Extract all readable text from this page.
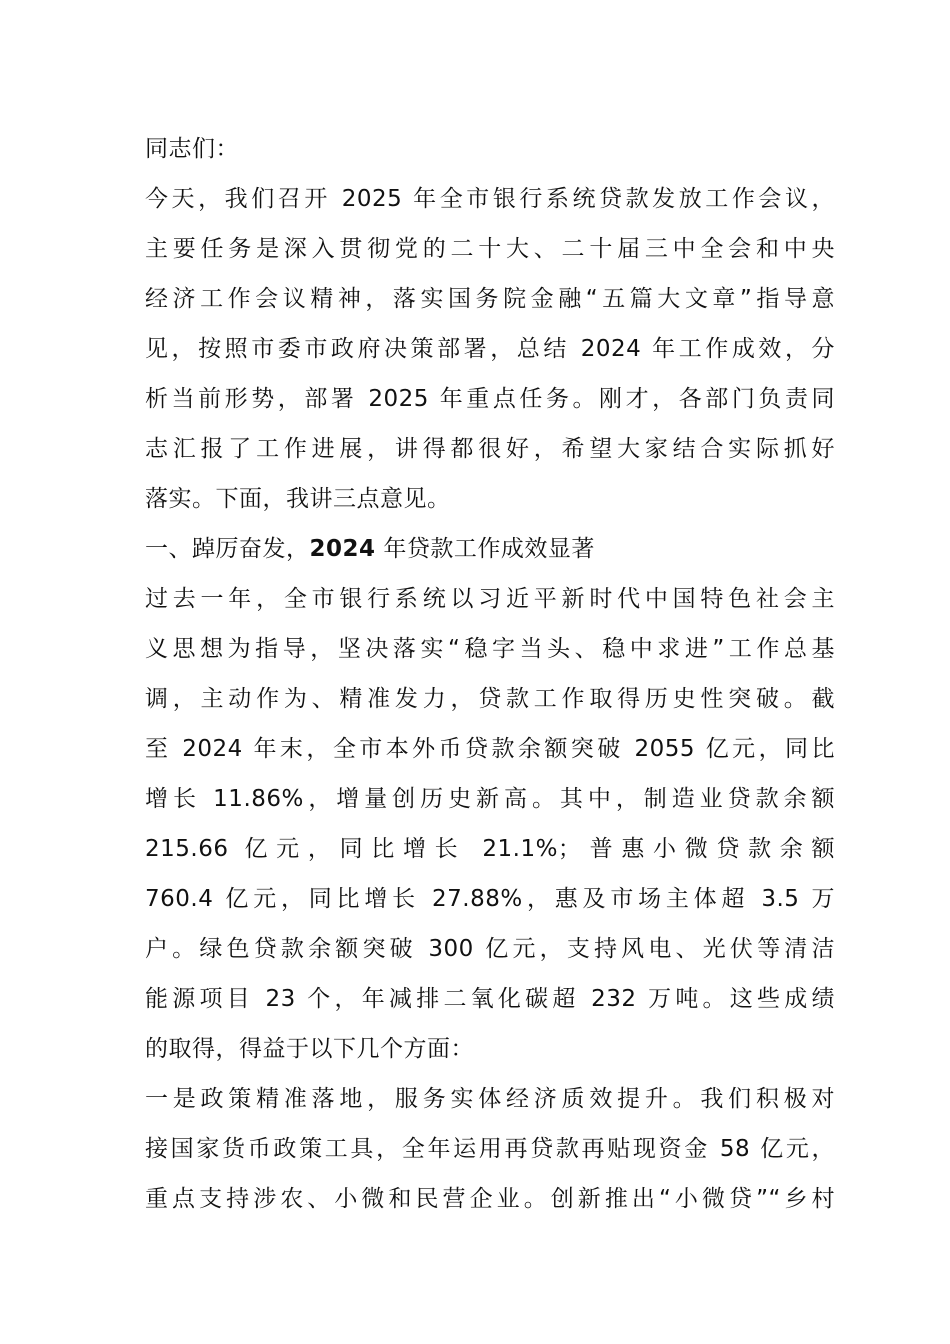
同志们：
今天，我们召开 2025 年全市银行系统贷款发放工作会议，
主要任务是深入贯彻党的二十大、二十届三中全会和中央
经济工作会议精神，落实国务院金融“五篇大文章”指导意
见，按照市委市政府决策部署，总结 2024 年工作成效，分
析当前形势，部署 2025 年重点任务。刚才，各部门负责同
志汇报了工作进展，讲得都很好，希望大家结合实际抓好
落实。下面，我讲三点意见。
一、踔厉奋发，2024 年贷款工作成效显著
过去一年，全市银行系统以习近平新时代中国特色社会主
义思想为指导，坚决落实“稳字当头、稳中求进”工作总基
调，主动作为、精准发力，贷款工作取得历史性突破。截
至 2024 年末，全市本外币贷款余额突破 2055 亿元，同比
增长 11.86%，增量创历史新高。其中，制造业贷款余额
215.66 亿元，同比增长 21.1%；普惠小微贷款余额
760.4 亿元，同比增长 27.88%，惠及市场主体超 3.5 万
户。绿色贷款余额突破 300 亿元，支持风电、光伏等清洁
能源项目 23 个，年减排二氧化碳超 232 万吨。这些成绩
的取得，得益于以下几个方面：
一是政策精准落地，服务实体经济质效提升。我们积极对
接国家货币政策工具，全年运用再贷款再贴现资金 58 亿元，
重点支持涉农、小微和民营企业。创新推出“小微贷”“乡村
